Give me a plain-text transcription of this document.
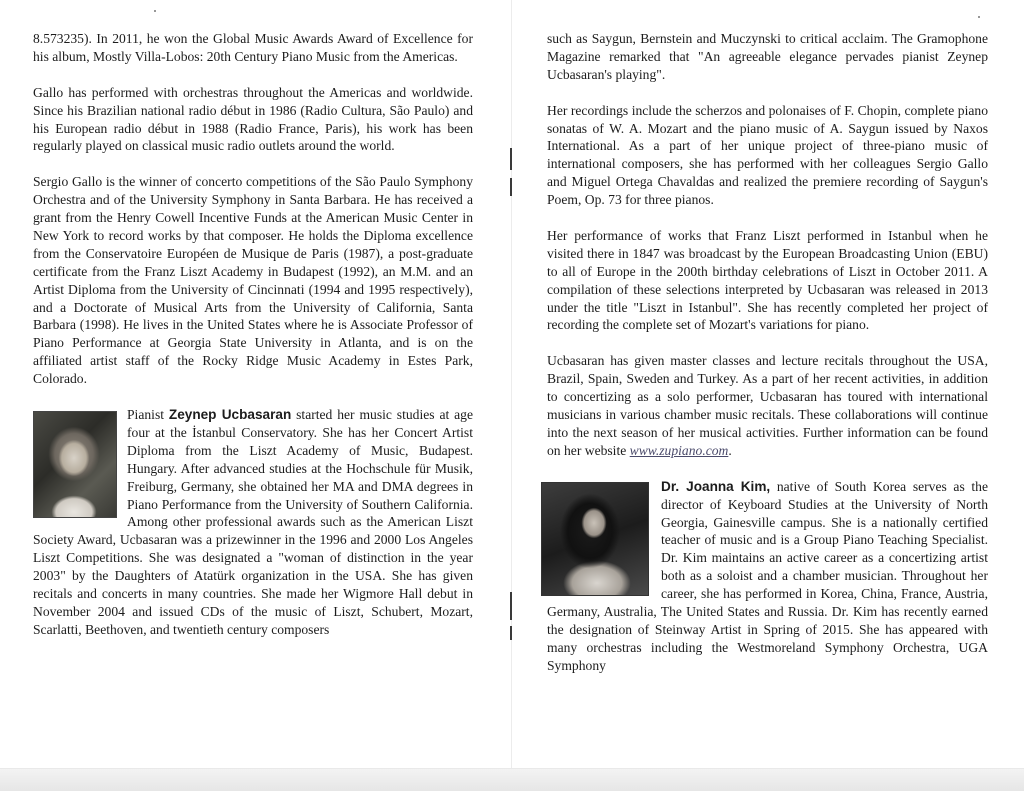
8.573235). In 2011, he won the Global Music Awards Award of Excellence for his album, Mostly Villa-Lobos: 20th Century Piano Music from the Americas.

Gallo has performed with orchestras throughout the Americas and worldwide. Since his Brazilian national radio début in 1986 (Radio Cultura, São Paulo) and his European radio début in 1988 (Radio France, Paris), his work has been regularly played on classical music radio outlets around the world.

Sergio Gallo is the winner of concerto competitions of the São Paulo Symphony Orchestra and of the University Symphony in Santa Barbara. He has received a grant from the Henry Cowell Incentive Funds at the American Music Center in New York to record works by that composer. He holds the Diploma excellence from the Conservatoire Européen de Musique de Paris (1987), a post-graduate certificate from the Franz Liszt Academy in Budapest (1992), an M.M. and an Artist Diploma from the University of Cincinnati (1994 and 1995 respectively), and a Doctorate of Musical Arts from the University of California, Santa Barbara (1998). He lives in the United States where he is Associate Professor of Piano Performance at Georgia State University in Atlanta, and is on the affiliated artist staff of the Rocky Ridge Music Academy in Estes Park, Colorado.

Pianist Zeynep Ucbasaran started her music studies at age four at the İstanbul Conservatory. She has her Concert Artist Diploma from the Liszt Academy of Music, Budapest. Hungary. After advanced studies at the Hochschule für Musik, Freiburg, Germany, she obtained her MA and DMA degrees in Piano Performance from the University of Southern California. Among other professional awards such as the American Liszt Society Award, Ucbasaran was a prizewinner in the 1996 and 2000 Los Angeles Liszt Competitions. She was designated a "woman of distinction in the year 2003" by the Daughters of Atatürk organization in the USA. She has given recitals and concerts in many countries. She made her Wigmore Hall debut in November 2004 and issued CDs of the music of Liszt, Schubert, Mozart, Scarlatti, Beethoven, and twentieth century composers

such as Saygun, Bernstein and Muczynski to critical acclaim. The Gramophone Magazine remarked that "An agreeable elegance pervades pianist Zeynep Ucbasaran's playing".

Her recordings include the scherzos and polonaises of F. Chopin, complete piano sonatas of W. A. Mozart and the piano music of A. Saygun issued by Naxos International. As a part of her unique project of three-piano music of international composers, she has performed with her colleagues Sergio Gallo and Miguel Ortega Chavaldas and realized the premiere recording of Saygun's Poem, Op. 73 for three pianos.

Her performance of works that Franz Liszt performed in Istanbul when he visited there in 1847 was broadcast by the European Broadcasting Union (EBU) to all of Europe in the 200th birthday celebrations of Liszt in October 2011. A compilation of these selections interpreted by Ucbasaran was released in 2013 under the title "Liszt in Istanbul". She has recently completed her project of recording the complete set of Mozart's variations for piano.

Ucbasaran has given master classes and lecture recitals throughout the USA, Brazil, Spain, Sweden and Turkey. As a part of her recent activities, in addition to concertizing as a solo performer, Ucbasaran has toured with international musicians in various chamber music recitals. These collaborations will continue into the next season of her musical activities. Further information can be found on her website www.zupiano.com.

Dr. Joanna Kim, native of South Korea serves as the director of Keyboard Studies at the University of North Georgia, Gainesville campus. She is a nationally certified teacher of music and is a Group Piano Teaching Specialist. Dr. Kim maintains an active career as a concertizing artist both as a soloist and a chamber musician. Throughout her career, she has performed in Korea, China, France, Austria, Germany, Australia, The United States and Russia. Dr. Kim has recently earned the designation of Steinway Artist in Spring of 2015. She has appeared with many orchestras including the Westmoreland Symphony Orchestra, UGA Symphony
